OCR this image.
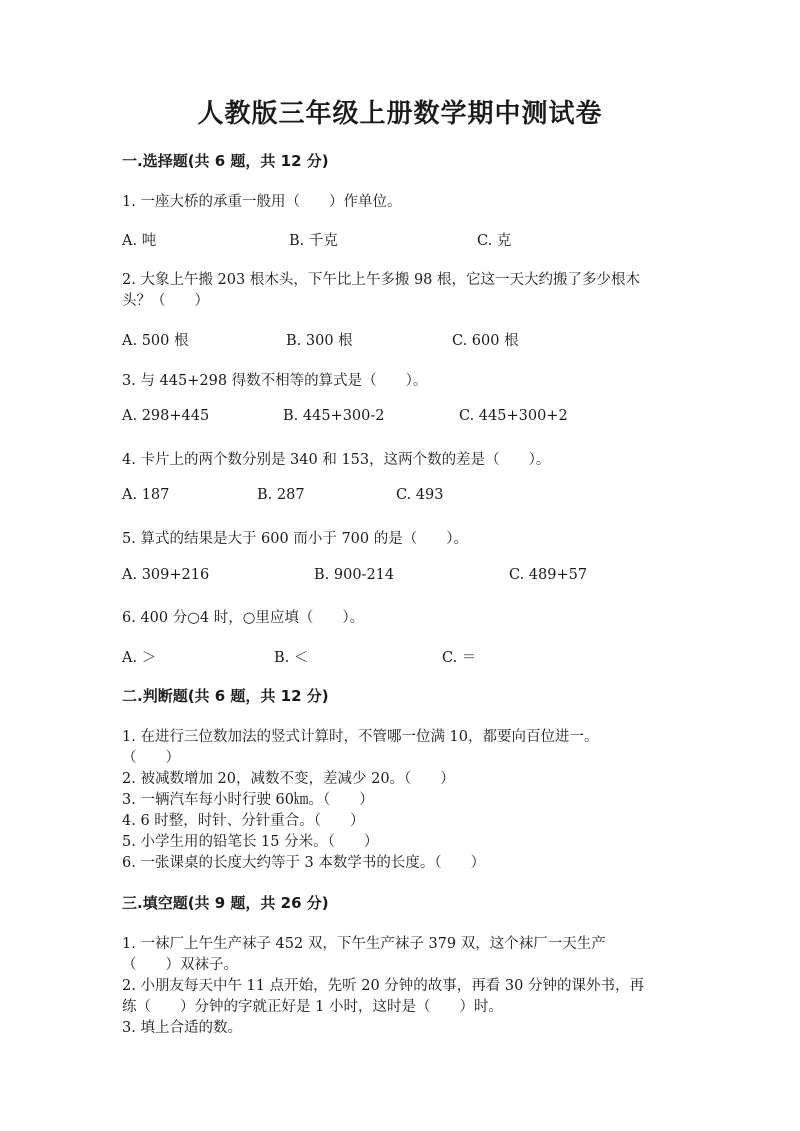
人教版三年级上册数学期中测试卷
一.选择题(共 6 题，共 12 分)
1. 一座大桥的承重一般用（　　）作单位。
A. 吨	B. 千克	C. 克
2. 大象上午搬 203 根木头，下午比上午多搬 98 根，它这一天大约搬了多少根木
头？（　　）
A. 500 根	B. 300 根	C. 600 根
3. 与 445+298 得数不相等的算式是（　　）。
A. 298+445	B. 445+300-2	C. 445+300+2
4. 卡片上的两个数分别是 340 和 153，这两个数的差是（　　）。
A. 187	B. 287	C. 493
5. 算式的结果是大于 600 而小于 700 的是（　　）。
A. 309+216	B. 900-214	C. 489+57
6. 400 分○4 时，○里应填（　　）。
A. ＞	B. ＜	C. ＝
二.判断题(共 6 题，共 12 分)
1. 在进行三位数加法的竖式计算时，不管哪一位满 10，都要向百位进一。
（　　）
2. 被减数增加 20，减数不变，差减少 20。（　　）
3. 一辆汽车每小时行驶 60㎞。（　　）
4. 6 时整，时针、分针重合。（　　）
5. 小学生用的铅笔长 15 分米。（　　）
6. 一张课桌的长度大约等于 3 本数学书的长度。（　　）
三.填空题(共 9 题，共 26 分)
1. 一袜厂上午生产袜子 452 双，下午生产袜子 379 双，这个袜厂一天生产
（　　）双袜子。
2. 小朋友每天中午 11 点开始，先听 20 分钟的故事，再看 30 分钟的课外书，再
练（　　）分钟的字就正好是 1 小时，这时是（　　）时。
3. 填上合适的数。
